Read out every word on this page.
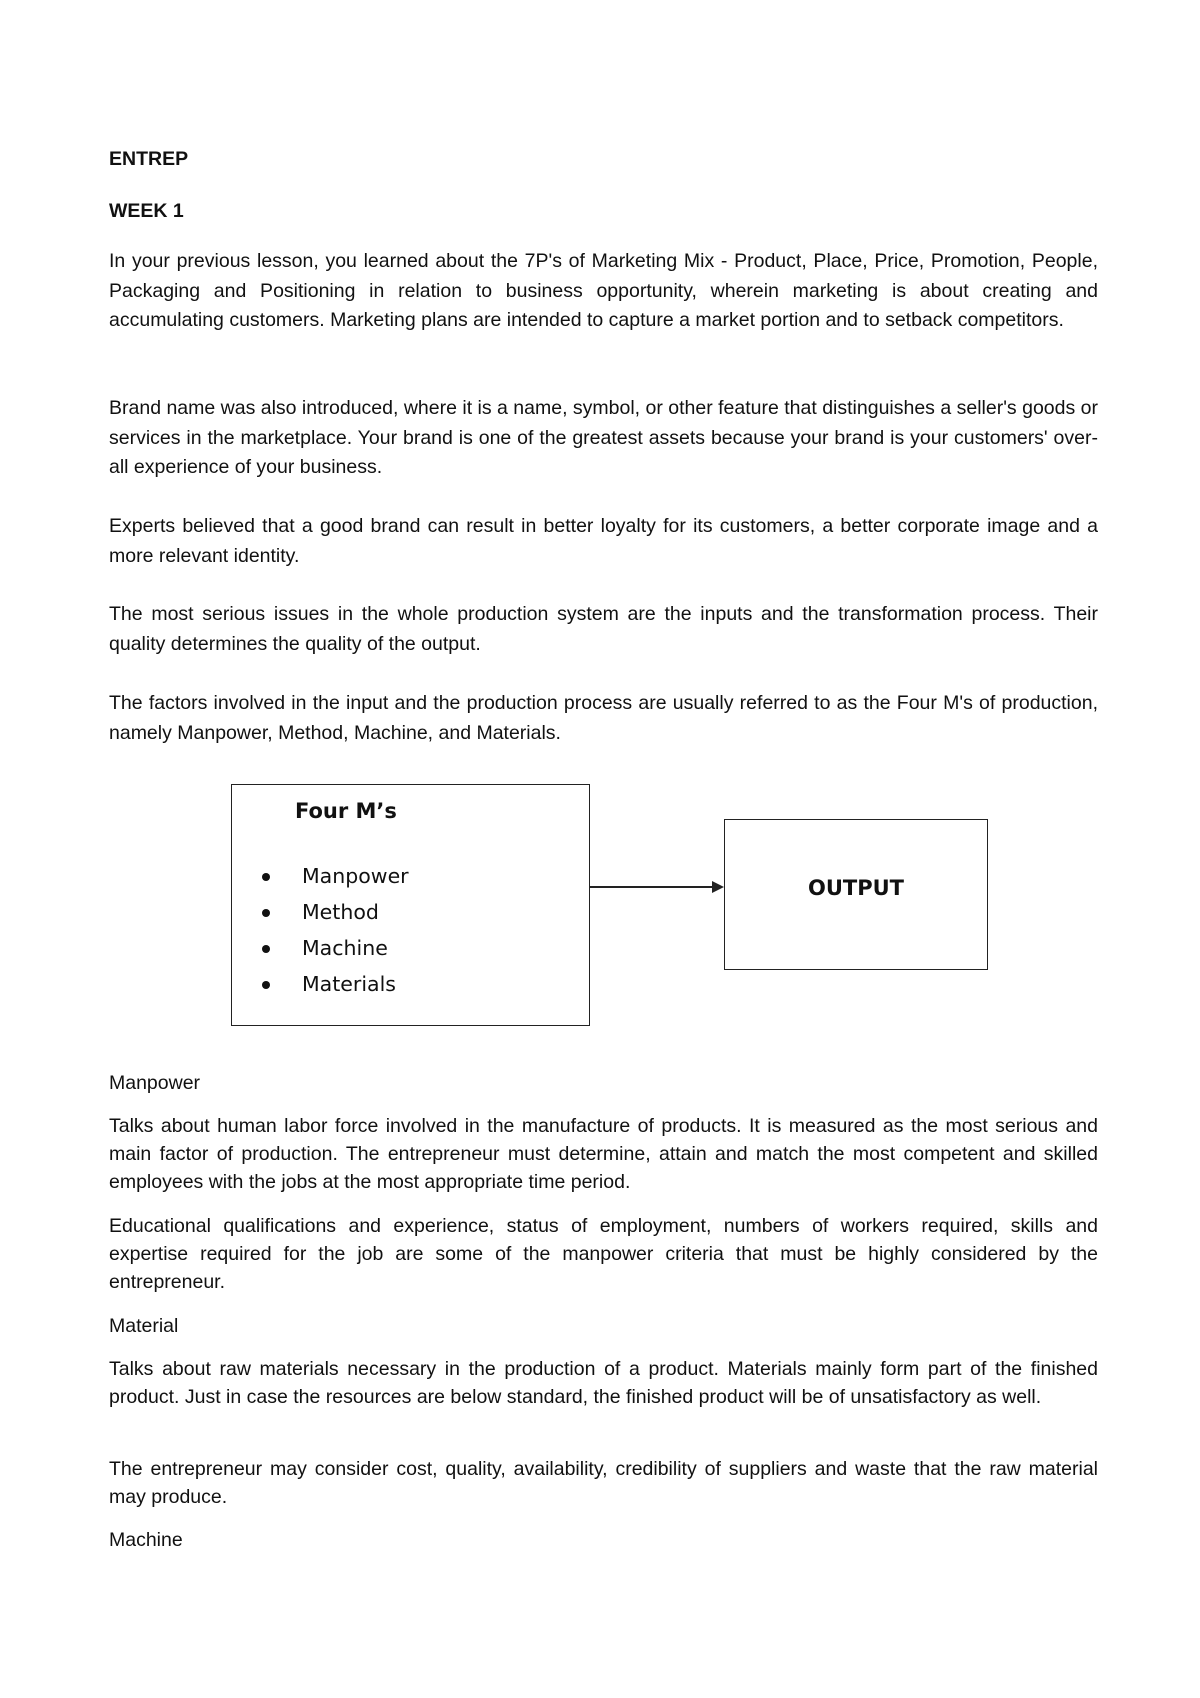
ENTREP
WEEK 1
In your previous lesson, you learned about the 7P's of Marketing Mix - Product, Place, Price, Promotion, People, Packaging and Positioning in relation to business opportunity, wherein marketing is about creating and accumulating customers. Marketing plans are intended to capture a market portion and to setback competitors.
Brand name was also introduced, where it is a name, symbol, or other feature that distinguishes a seller's goods or services in the marketplace. Your brand is one of the greatest assets because your brand is your customers' over-all experience of your business.
Experts believed that a good brand can result in better loyalty for its customers, a better corporate image and a more relevant identity.
The most serious issues in the whole production system are the inputs and the transformation process. Their quality determines the quality of the output.
The factors involved in the input and the production process are usually referred to as the Four M's of production, namely Manpower, Method, Machine, and Materials.
Four M’s
Manpower
Method
Machine
Materials
OUTPUT
Manpower
Talks about human labor force involved in the manufacture of products. It is measured as the most serious and main factor of production. The entrepreneur must determine, attain and match the most competent and skilled employees with the jobs at the most appropriate time period.
Educational qualifications and experience, status of employment, numbers of workers required, skills and expertise required for the job are some of the manpower criteria that must be highly considered by the entrepreneur.
Material
Talks about raw materials necessary in the production of a product. Materials mainly form part of the finished product. Just in case the resources are below standard, the finished product will be of unsatisfactory as well.
The entrepreneur may consider cost, quality, availability, credibility of suppliers and waste that the raw material may produce.
Machine
